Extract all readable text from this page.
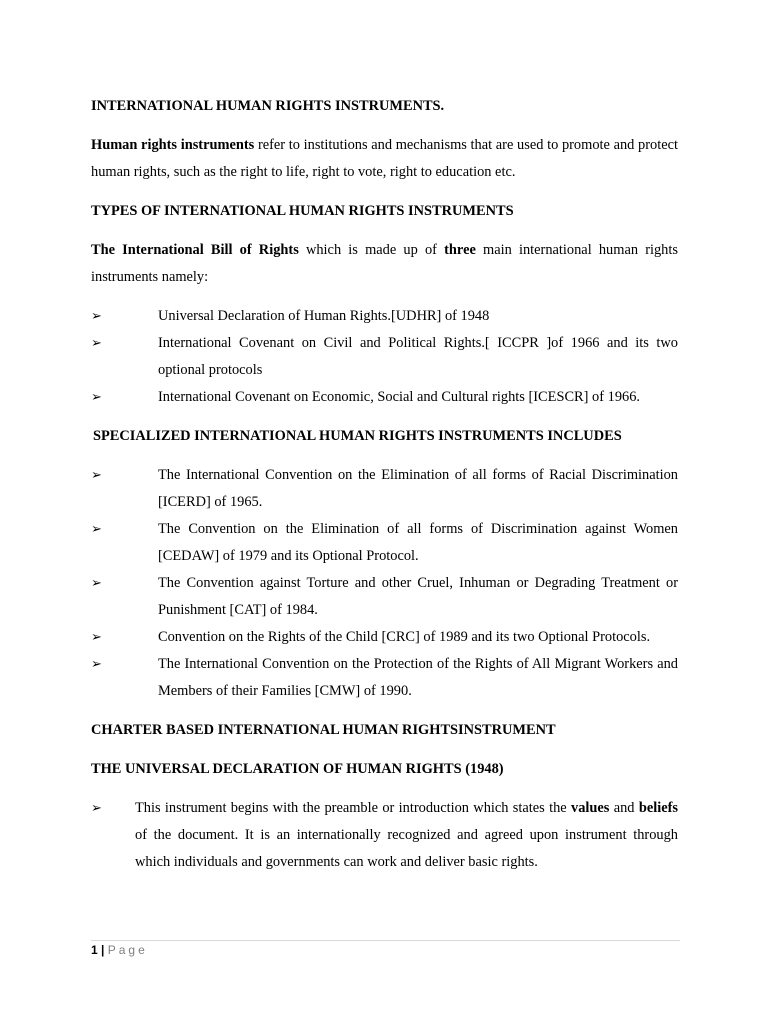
INTERNATIONAL HUMAN RIGHTS INSTRUMENTS.

Human rights instruments refer to institutions and mechanisms that are used to promote and protect human rights, such as the right to life, right to vote, right to education etc.

TYPES OF INTERNATIONAL HUMAN RIGHTS INSTRUMENTS

The International Bill of Rights which is made up of three main international human rights instruments namely:

➢	Universal Declaration of Human Rights.[UDHR] of 1948
➢	International Covenant on Civil and Political Rights.[ ICCPR ]of 1966 and its two optional protocols
➢	International Covenant on Economic, Social and Cultural rights [ICESCR] of 1966.

SPECIALIZED INTERNATIONAL HUMAN RIGHTS INSTRUMENTS INCLUDES

➢	The International Convention on the Elimination of all forms of Racial Discrimination [ICERD] of 1965.
➢	The Convention on the Elimination of all forms of Discrimination against Women [CEDAW] of 1979 and its Optional Protocol.
➢	The Convention against Torture and other Cruel, Inhuman or Degrading Treatment or Punishment [CAT] of 1984.
➢	Convention on the Rights of the Child [CRC] of 1989 and its two Optional Protocols.
➢	The International Convention on the Protection of the Rights of All Migrant Workers and Members of their Families [CMW] of 1990.

CHARTER BASED INTERNATIONAL HUMAN RIGHTSINSTRUMENT

THE UNIVERSAL DECLARATION OF HUMAN RIGHTS (1948)

➢ This instrument begins with the preamble or introduction which states the values and beliefs of the document. It is an internationally recognized and agreed upon instrument through which individuals and governments can work and deliver basic rights.
1 | Page
